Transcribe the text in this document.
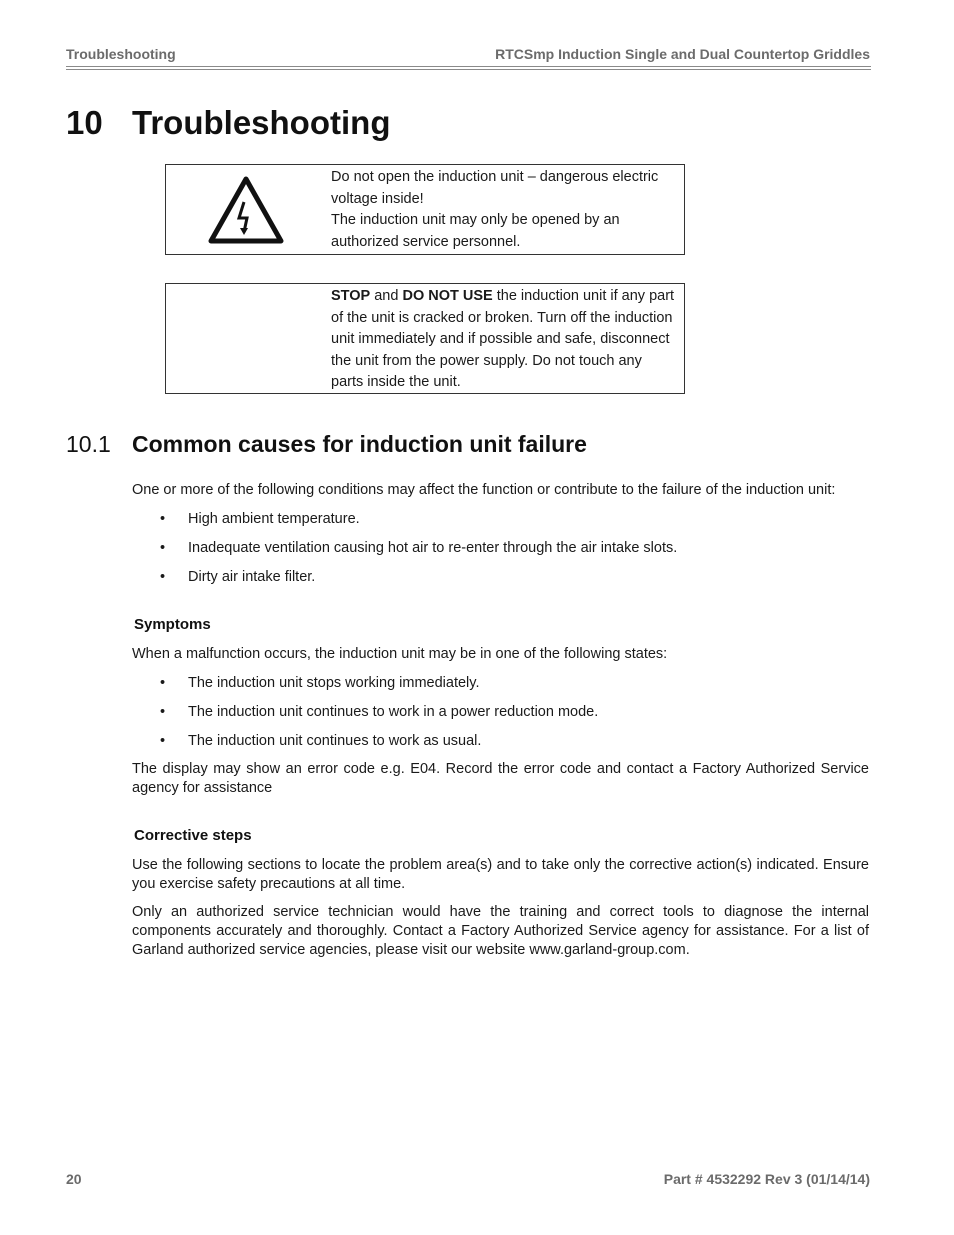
Troubleshooting	RTCSmp Induction Single and Dual Countertop Griddles
10 Troubleshooting

Do not open the induction unit – dangerous electric voltage inside!

The induction unit may only be opened by an authorized service personnel.

STOP and DO NOT USE the induction unit if any part of the unit is cracked or broken. Turn off the induction unit immediately and if possible and safe, disconnect the unit from the power supply. Do not touch any parts inside the unit.

10.1 Common causes for induction unit failure

One or more of the following conditions may affect the function or contribute to the failure of the induction unit:

• High ambient temperature.
• Inadequate ventilation causing hot air to re-enter through the air intake slots.
• Dirty air intake filter.
Symptoms

When a malfunction occurs, the induction unit may be in one of the following states:

• The induction unit stops working immediately.
• The induction unit continues to work in a power reduction mode.
• The induction unit continues to work as usual.

The display may show an error code e.g. E04. Record the error code and contact a Factory Authorized Service agency for assistance

Corrective steps

Use the following sections to locate the problem area(s) and to take only the corrective action(s) indicated. Ensure you exercise safety precautions at all time.

Only an authorized service technician would have the training and correct tools to diagnose the internal components accurately and thoroughly. Contact a Factory Authorized Service agency for assistance. For a list of Garland authorized service agencies, please visit our website www.garland-group.com.

20	Part # 4532292 Rev 3 (01/14/14)
